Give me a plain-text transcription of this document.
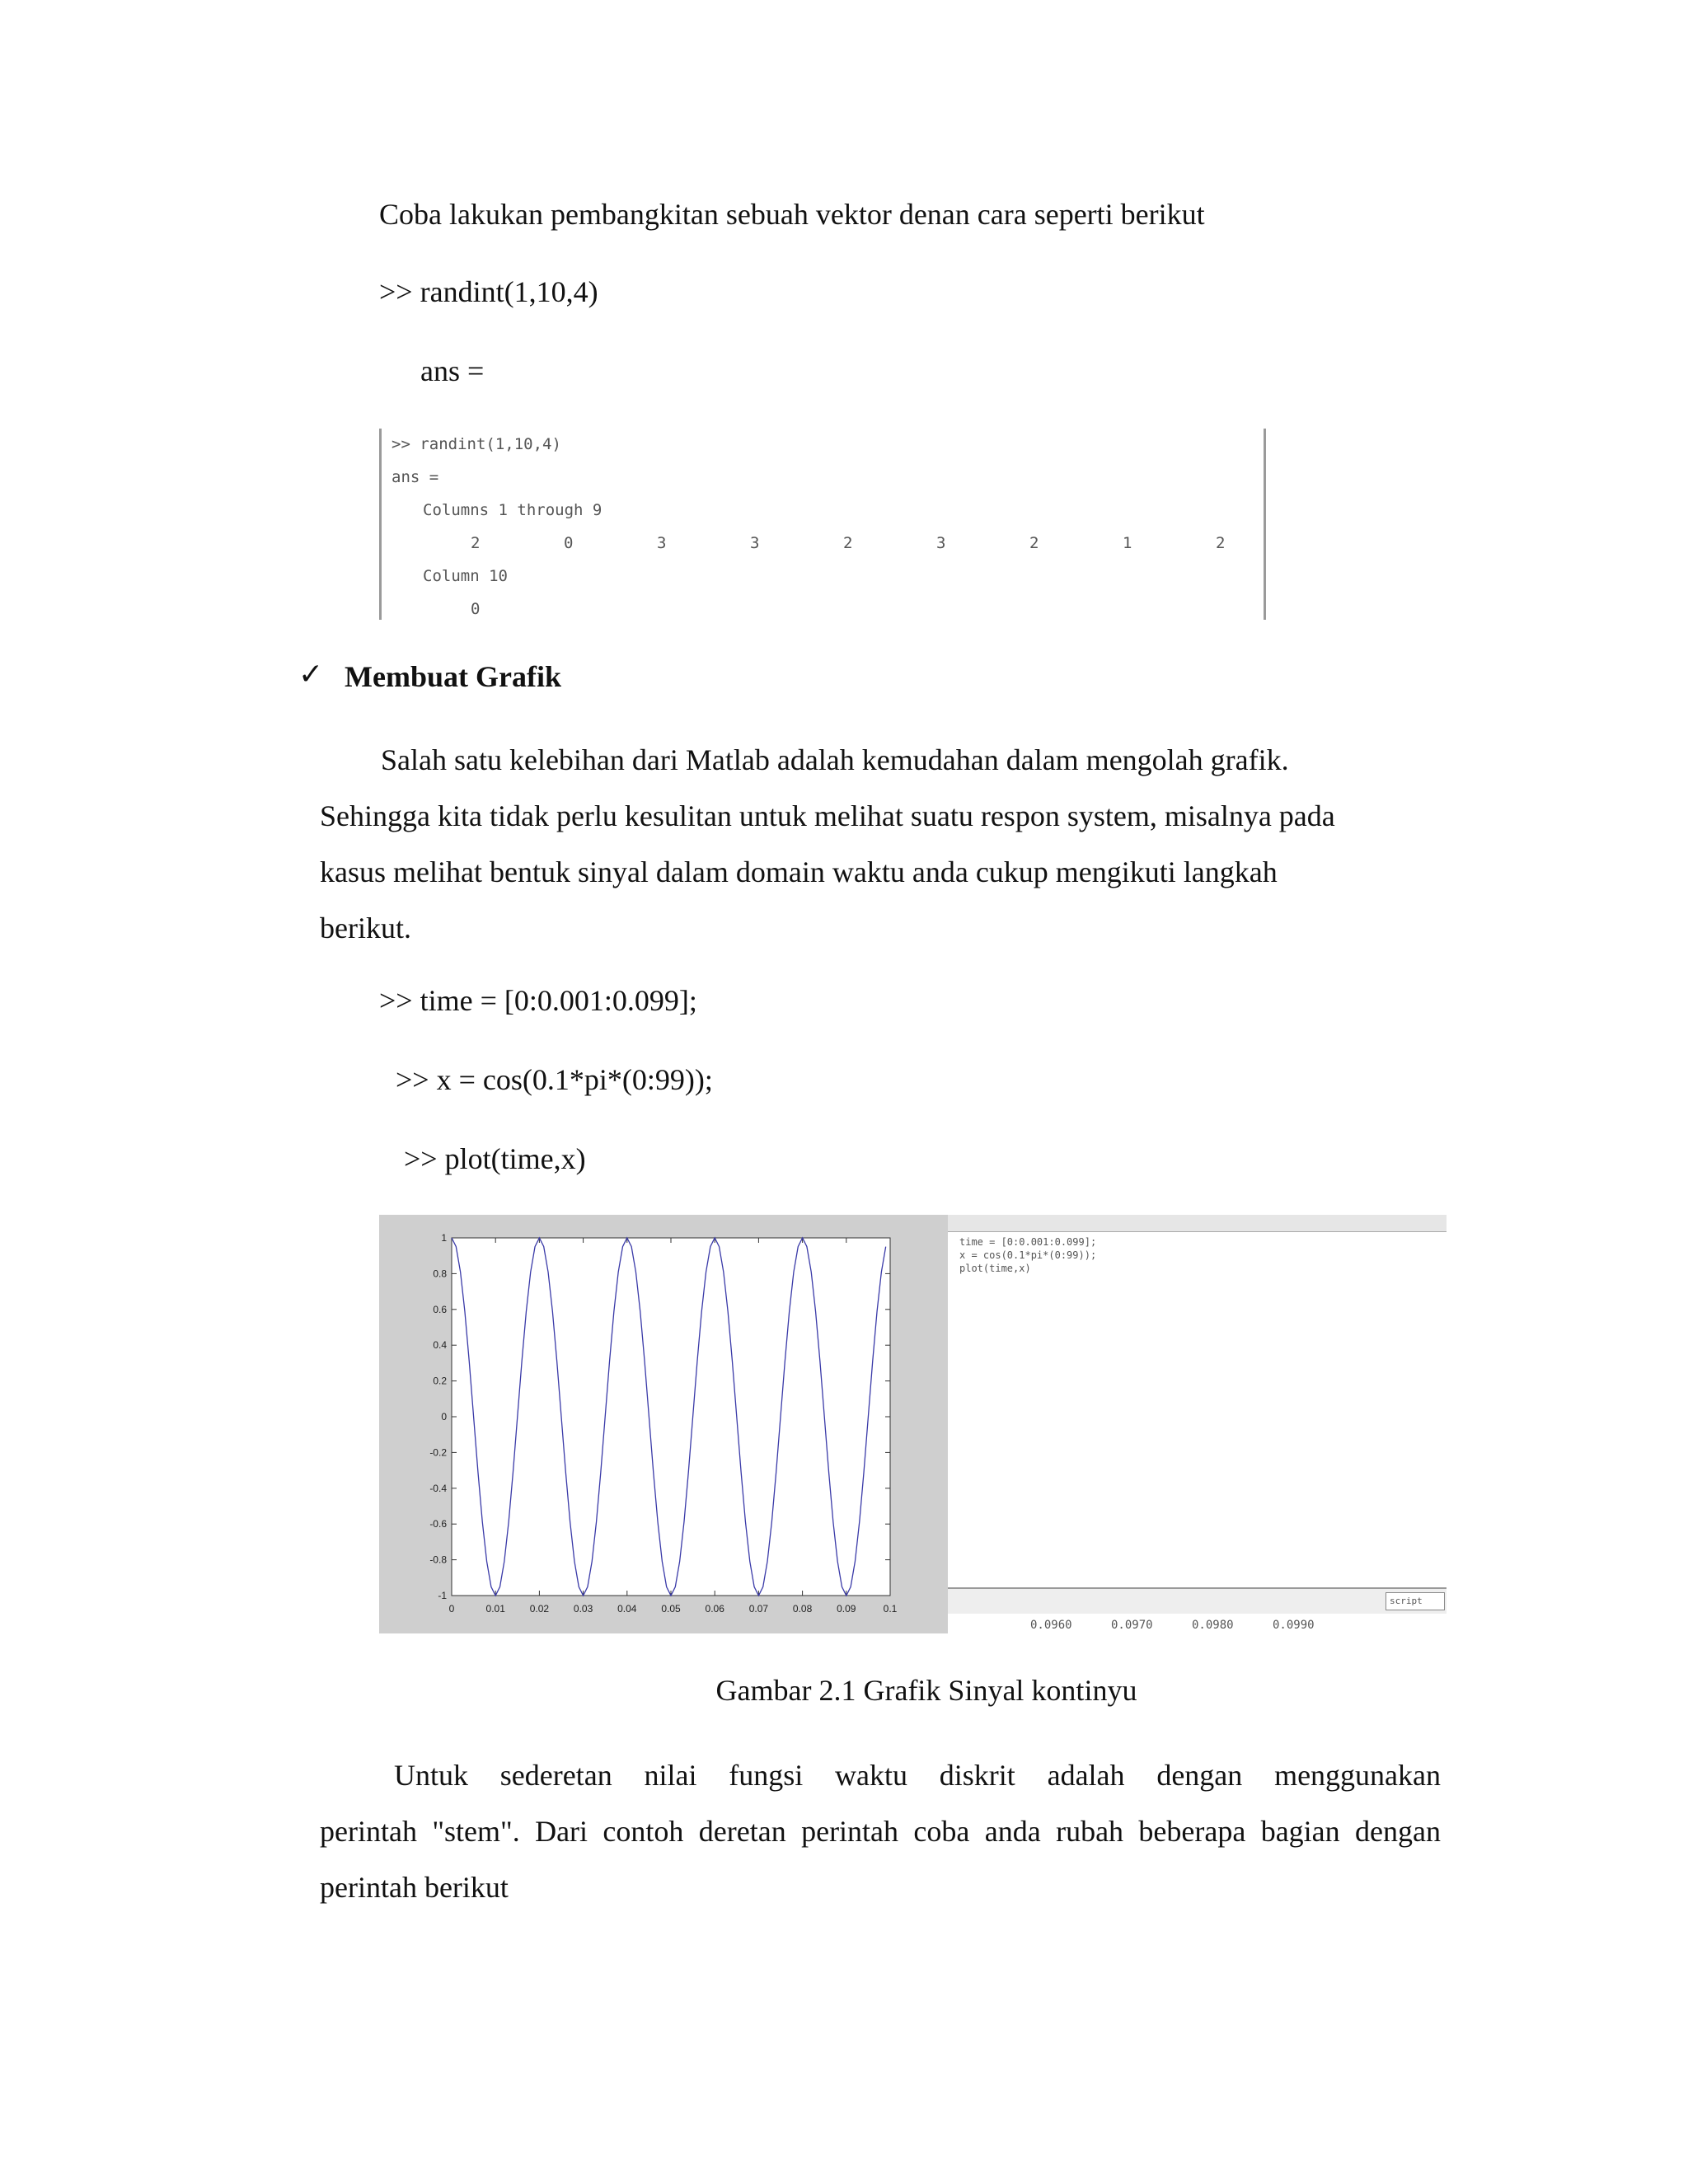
Coba lakukan pembangkitan sebuah vektor denan cara seperti berikut
>> randint(1,10,4)
ans =
>> randint(1,10,4)
ans =
Columns 1 through 9
2	0	3	3	2	3	2	1	2
Column 10
0
✓ Membuat Grafik

Salah satu kelebihan dari Matlab adalah kemudahan dalam mengolah grafik.

Sehingga kita tidak perlu kesulitan untuk melihat suatu respon system, misalnya pada

kasus melihat bentuk sinyal dalam domain waktu anda cukup mengikuti langkah

berikut.

>> time = [0:0.001:0.099];
>> x = cos(0.1*pi*(0:99));
>> plot(time,x)
0	0.01 0.02 0.03 0.04 0.05 0.06 0.07 0.08 0.09	0.1
1
0.8
0.6
0.4
0.2
0
-0.2
-0.4
-0.6
-0.8
-1
time = [0:0.001:0.099];
x = cos(0.1*pi*(0:99));
plot(time,x)
script
0.0960	0.0970	0.0980	0.0990
Gambar 2.1 Grafik Sinyal kontinyu

Untuk sederetan nilai fungsi waktu diskrit adalah dengan menggunakan

perintah "stem". Dari contoh deretan perintah coba anda rubah beberapa bagian dengan

perintah berikut
